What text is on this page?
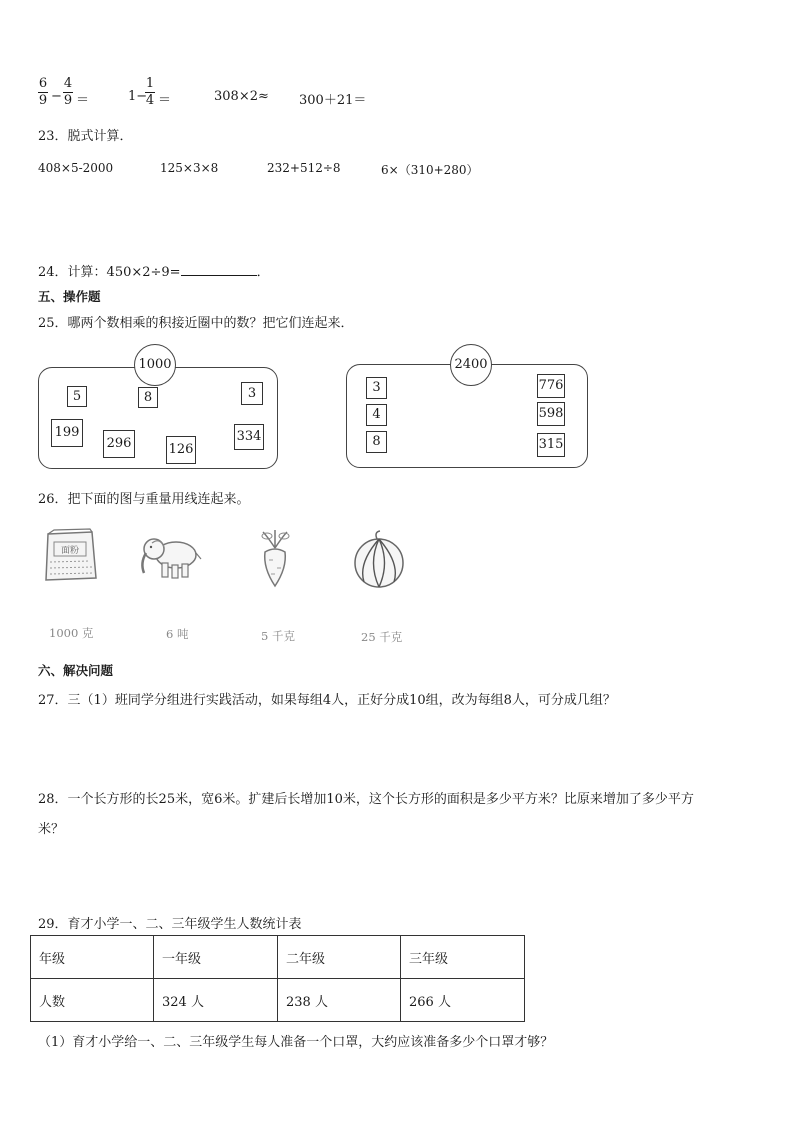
6
9 −
4
9 ＝	1−
1
4 ＝	308×2≈ 300＋21＝
23．脱式计算．
408×5-2000	125×3×8	232+512÷8	6×（310+280）
24．计算：450×2÷9=	．
五、操作题
25．哪两个数相乘的积接近圈中的数？把它们连起来．
1000
5	8	3
199
296	126
334
2400
3
4
8
776
598
315
26．把下面的图与重量用线连起来。
面粉
1000 克	6 吨	5 千克	25 千克
六、解决问题
27．三（1）班同学分组进行实践活动，如果每组4人，正好分成10组，改为每组8人，可分成几组？
28．一个长方形的长25米，宽6米。扩建后长增加10米，这个长方形的面积是多少平方米？比原来增加了多少平方
米？
29．育才小学一、二、三年级学生人数统计表
年级	一年级	二年级	三年级
人数	324 人	238 人	266 人
（1）育才小学给一、二、三年级学生每人准备一个口罩，大约应该准备多少个口罩才够？
